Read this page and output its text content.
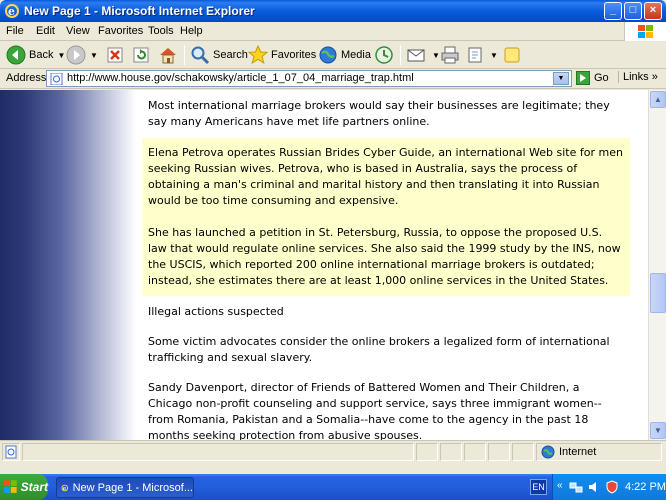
e New Page 1 - Microsoft Internet Explorer	_	□	×
File Edit View Favorites Tools Help
Back ▼	▼	Search Favorites Media	▼	▼
Address http://www.house.gov/schakowsky/article_1_07_04_marriage_trap.html	▼	Go	Links »

Most international marriage brokers would say their businesses are legitimate; they say many Americans have met life partners online.

Elena Petrova operates Russian Brides Cyber Guide, an international Web site for men seeking Russian wives. Petrova, who is based in Australia, says the process of obtaining a man's criminal and marital history and then translating it into Russian would be too time consuming and expensive.

She has launched a petition in St. Petersburg, Russia, to oppose the proposed U.S. law that would regulate online services. She also said the 1999 study by the INS, now the USCIS, which reported 200 online international marriage brokers is outdated; instead, she estimates there are at least 1,000 online services in the United States.

Illegal actions suspected

Some victim advocates consider the online brokers a legalized form of international trafficking and sexual slavery.

Sandy Davenport, director of Friends of Battered Women and Their Children, a Chicago non-profit counseling and support service, says three immigrant women--from Romania, Pakistan and a Somalia--have come to the agency in the past 18 months seeking protection from abusive spouses.

▲
▼
Internet
Start e New Page 1 - Microsof...	EN «	4:22 PM
